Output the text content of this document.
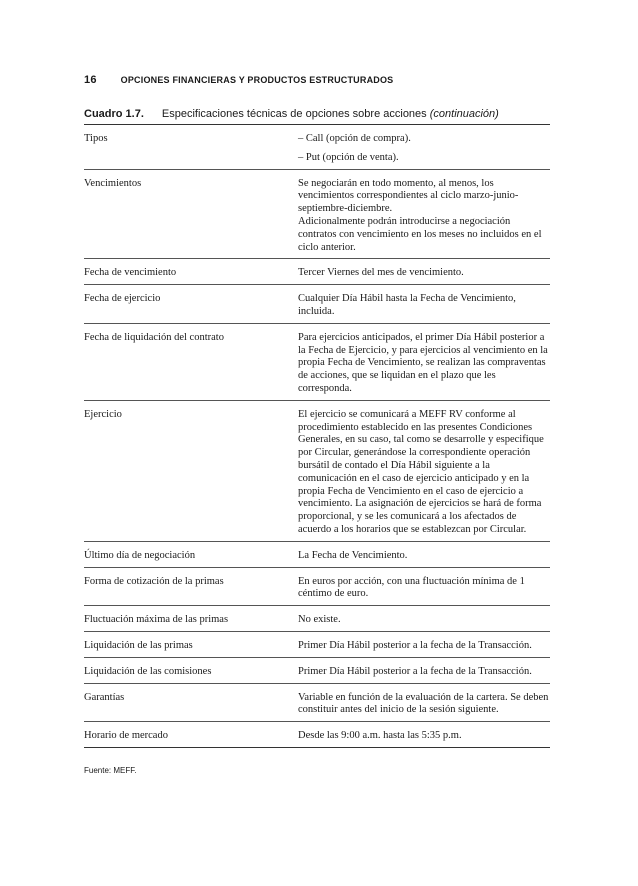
16	OPCIONES FINANCIERAS Y PRODUCTOS ESTRUCTURADOS
Cuadro 1.7. Especificaciones técnicas de opciones sobre acciones (continuación)
Tipos	– Call (opción de compra).

– Put (opción de venta).

Vencimientos	Se negociarán en todo momento, al menos, los vencimientos correspondientes al ciclo marzo-junio-septiembre-diciembre.
Adicionalmente podrán introducirse a negociación contratos con vencimiento en los meses no incluidos en el ciclo anterior.

Fecha de vencimiento	Tercer Viernes del mes de vencimiento.

Fecha de ejercicio	Cualquier Día Hábil hasta la Fecha de Vencimiento, incluida.

Fecha de liquidación del contrato	Para ejercicios anticipados, el primer Día Hábil posterior a la Fecha de Ejercicio, y para ejercicios al vencimiento en la propia Fecha de Vencimiento, se realizan las compraventas de acciones, que se liquidan en el plazo que les corresponda.

Ejercicio	El ejercicio se comunicará a MEFF RV conforme al procedimiento establecido en las presentes Condiciones Generales, en su caso, tal como se desarrolle y especifique por Circular, generándose la correspondiente operación bursátil de contado el Día Hábil siguiente a la comunicación en el caso de ejercicio anticipado y en la propia Fecha de Vencimiento en el caso de ejercicio a vencimiento. La asignación de ejercicios se hará de forma proporcional, y se les comunicará a los afectados de acuerdo a los horarios que se establezcan por Circular.

Último día de negociación	La Fecha de Vencimiento.

Forma de cotización de la primas	En euros por acción, con una fluctuación mínima de 1 céntimo de euro.

Fluctuación máxima de las primas	No existe.

Liquidación de las primas	Primer Día Hábil posterior a la fecha de la Transacción.

Liquidación de las comisiones	Primer Día Hábil posterior a la fecha de la Transacción.

Garantías	Variable en función de la evaluación de la cartera. Se deben constituir antes del inicio de la sesión siguiente.

Horario de mercado	Desde las 9:00 a.m. hasta las 5:35 p.m.

Fuente: MEFF.
